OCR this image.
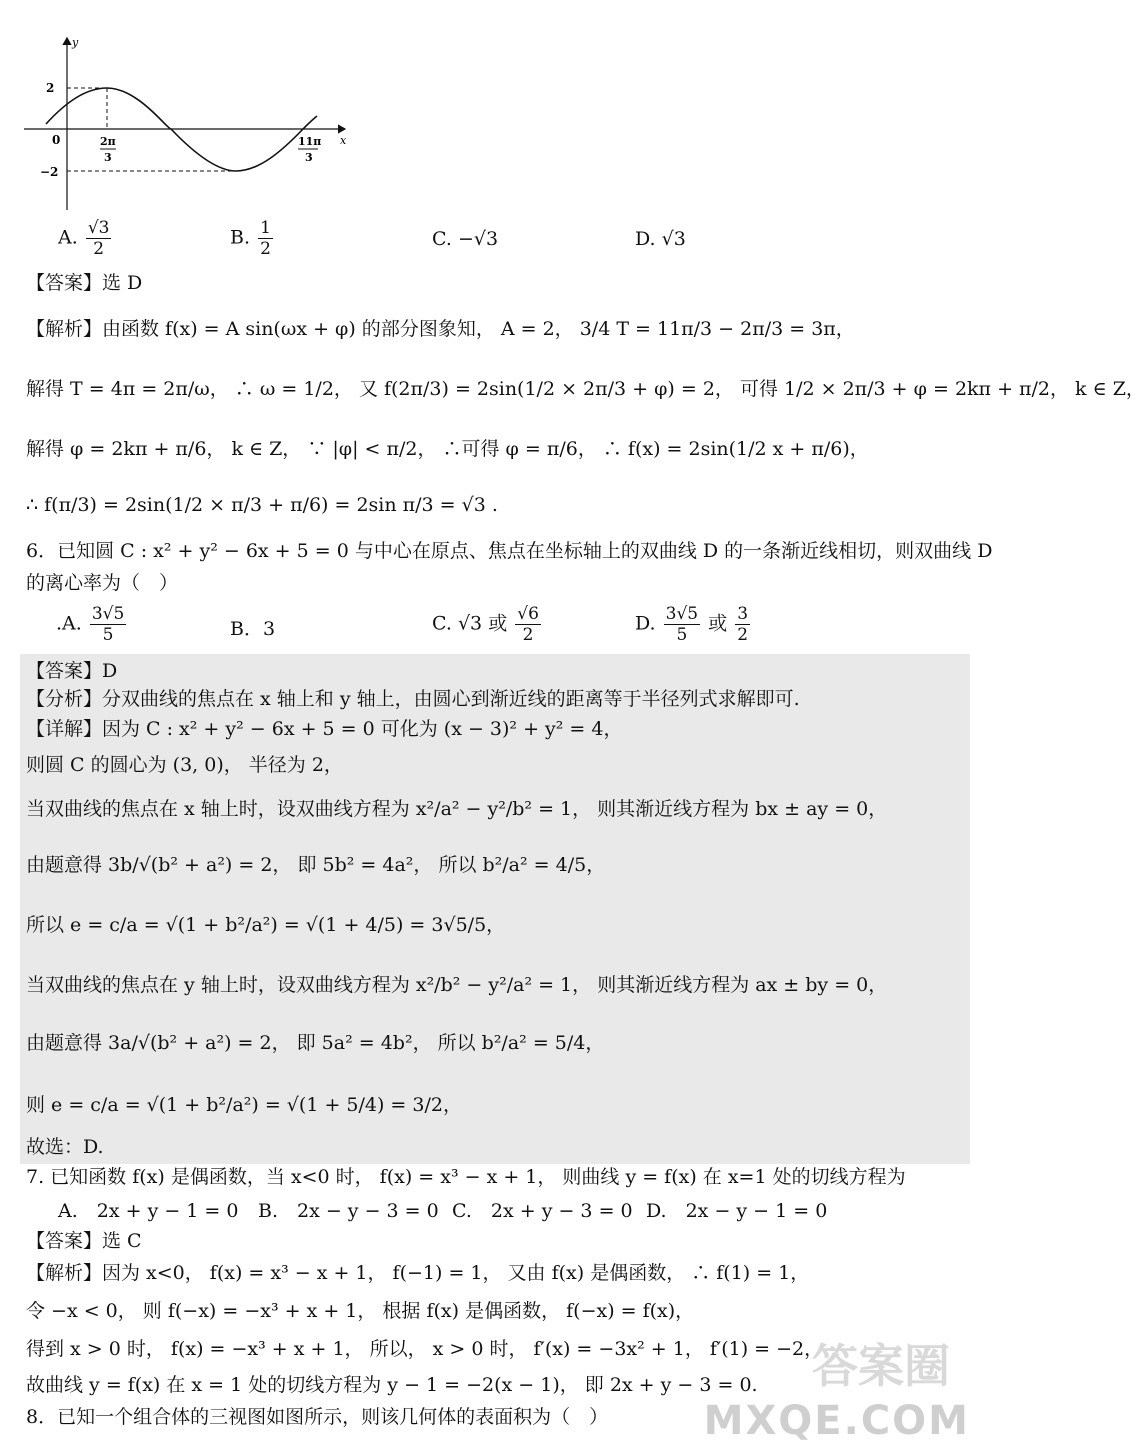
y
x
0
2
−2
2π
3
11π
3
A. $\frac{√3}{2}$	B. $\frac{1}{2}$	C. −√3	D. √3
【答案】选 D
【解析】由函数 f(x) = A sin(ωx + φ) 的部分图象知， A = 2， 3/4 T = 11π/3 − 2π/3 = 3π，
解得 T = 4π = 2π/ω， ∴ ω = 1/2， 又 f(2π/3) = 2sin(1/2 × 2π/3 + φ) = 2， 可得 1/2 × 2π/3 + φ = 2kπ + π/2， k ∈ Z，
解得 φ = 2kπ + π/6， k ∈ Z， ∵ |φ| < π/2， ∴可得 φ = π/6， ∴ f(x) = 2sin(1/2 x + π/6)，
∴ f(π/3) = 2sin(1/2 × π/3 + π/6) = 2sin π/3 = √3 .
6．已知圆 C : x² + y² − 6x + 5 = 0 与中心在原点、焦点在坐标轴上的双曲线 D 的一条渐近线相切，则双曲线 D
的离心率为（　）
.A. $\frac{3√5}{5}$	B．3	C. √3 或 $\frac{√6}{2}$	D. $\frac{3√5}{5}$ 或 $\frac{3}{2}$
【答案】D
【分析】分双曲线的焦点在 x 轴上和 y 轴上，由圆心到渐近线的距离等于半径列式求解即可.
【详解】因为 C : x² + y² − 6x + 5 = 0 可化为 (x − 3)² + y² = 4，
则圆 C 的圆心为 (3, 0)， 半径为 2，
当双曲线的焦点在 x 轴上时，设双曲线方程为 x²/a² − y²/b² = 1， 则其渐近线方程为 bx ± ay = 0，
由题意得 3b/√(b² + a²) = 2， 即 5b² = 4a²， 所以 b²/a² = 4/5，
所以 e = c/a = √(1 + b²/a²) = √(1 + 4/5) = 3√5/5，
当双曲线的焦点在 y 轴上时，设双曲线方程为 x²/b² − y²/a² = 1， 则其渐近线方程为 ax ± by = 0，
由题意得 3a/√(b² + a²) = 2， 即 5a² = 4b²， 所以 b²/a² = 5/4，
则 e = c/a = √(1 + b²/a²) = √(1 + 5/4) = 3/2，
故选：D.
7. 已知函数 f(x) 是偶函数，当 x<0 时， f(x) = x³ − x + 1， 则曲线 y = f(x) 在 x=1 处的切线方程为
A.　2x + y − 1 = 0 B.　2x − y − 3 = 0 C.　2x + y − 3 = 0 D.　2x − y − 1 = 0
【答案】选 C
【解析】因为 x<0， f(x) = x³ − x + 1， f(−1) = 1， 又由 f(x) 是偶函数， ∴ f(1) = 1，
令 −x < 0， 则 f(−x) = −x³ + x + 1， 根据 f(x) 是偶函数， f(−x) = f(x)，
得到 x > 0 时， f(x) = −x³ + x + 1， 所以， x > 0 时， f′(x) = −3x² + 1， f′(1) = −2，
故曲线 y = f(x) 在 x = 1 处的切线方程为 y − 1 = −2(x − 1)， 即 2x + y − 3 = 0.
8．已知一个组合体的三视图如图所示，则该几何体的表面积为（　）
答案圈
MXQE.COM
